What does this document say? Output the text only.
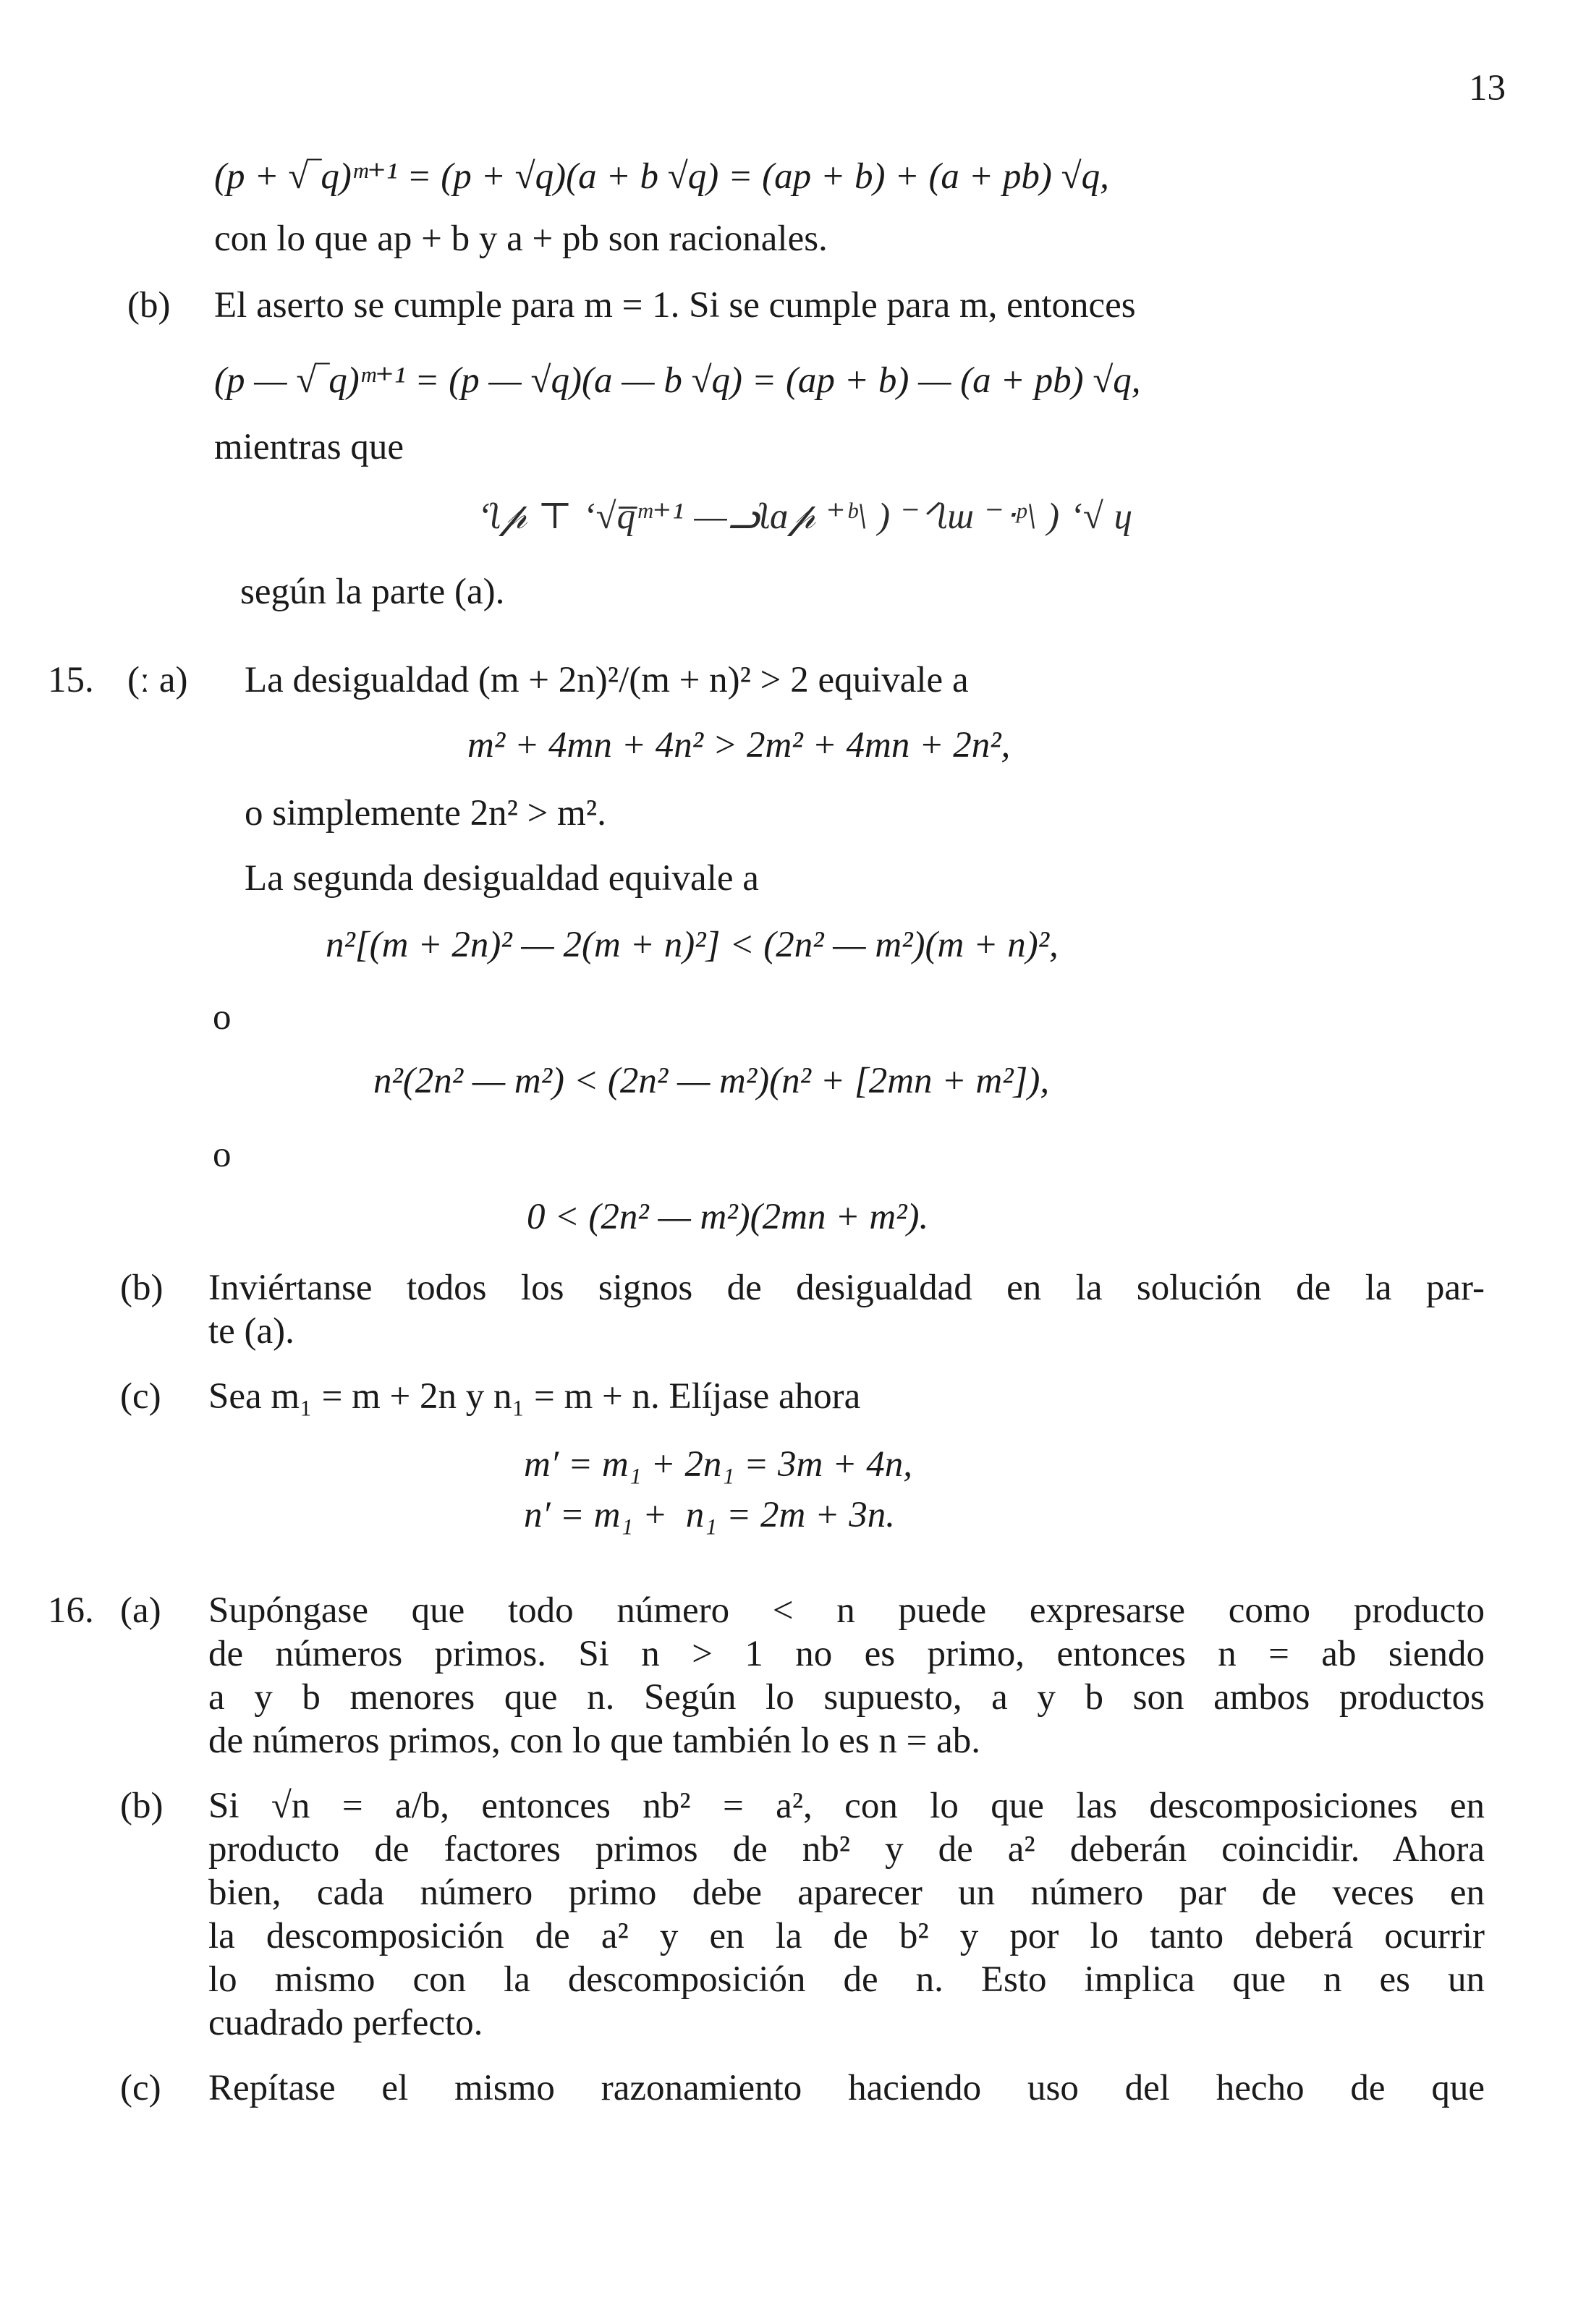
13
(p + √‾q)ᵐ⁺¹ = (p + √q)(a + b √q) = (ap + b) + (a + pb) √q,
con lo que ap + b y a + pb son racionales.
(b) El aserto se cumple para m = 1. Si se cumple para m, entonces
(p — √‾q)ᵐ⁺¹ = (p — √q)(a — b √q) = (ap + b) — (a + pb) √q,
mientras que
‘ʅ𝓅 ⊤ ‘√q̅ᵐ⁺¹ —ᓗʅɑ𝓅 ⁺ᵇ\ ) ⁻ᐟʅɯ ⁻ᐧᵖ\ ) ‘√ ɥ
según la parte (a).
15. (ː a) La desigualdad (m + 2n)²/(m + n)² > 2 equivale a
m² + 4mn + 4n² > 2m² + 4mn + 2n²,
o simplemente 2n² > m².
La segunda desigualdad equivale a
n²[(m + 2n)² — 2(m + n)²] < (2n² — m²)(m + n)²,
o
n²(2n² — m²) < (2n² — m²)(n² + [2mn + m²]),
o
0 < (2n² — m²)(2mn + m²).
(b) Inviértanse todos los signos de desigualdad en la solución de la par-
te (a).
(c) Sea m₁ = m + 2n y n₁ = m + n. Elíjase ahora
m′ = m₁ + 2n₁ = 3m + 4n,
n′ = m₁ +  n₁ = 2m + 3n.
16. (a) Supóngase que todo número < n puede expresarse como producto
de números primos. Si n > 1 no es primo, entonces n = ab siendo
a y b menores que n. Según lo supuesto, a y b son ambos productos
de números primos, con lo que también lo es n = ab.
(b) Si √n = a/b, entonces nb² = a², con lo que las descomposiciones en
producto de factores primos de nb² y de a² deberán coincidir. Ahora
bien, cada número primo debe aparecer un número par de veces en
la descomposición de a² y en la de b² y por lo tanto deberá ocurrir
lo mismo con la descomposición de n. Esto implica que n es un
cuadrado perfecto.
(c) Repítase el mismo razonamiento haciendo uso del hecho de que
